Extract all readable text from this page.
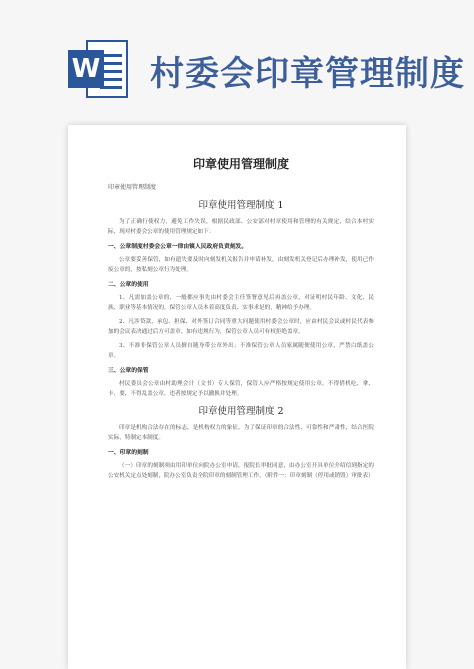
W 村委会印章管理制度
印章使用管理制度
印章使用管理制度
印章使用管理制度 1

为了正确行使权力，避免工作失误，根据民政部、公安部对村章使用和管理的有关规定，结合本村实际，现对村委会公章的使用管理规定如下：

一、公章制度村委会公章一律由镇人民政府负责刻发。

公章要妥善保管，如有遗失要及时向刻发机关报告并申请补发，由刻发机关登记后办理补发，使用已作废公章的，按私刻公章行为处理。

二、公章的使用

1、凡需加盖公章的，一般都应事先由村委会主任签署意见后再盖公章，对证明村民年龄、文化、民族、职业等基本情况的，保管公章人员本着高度负责、实事求是的，精神给予办理。

2、凡涉贷款、承包、担保、对外签订合同等重大问题使用村委会公章时，应由村民会议或村民代表参加的会议表决通过后方可盖章。如有违规行为，保管公章人员可有权拒绝盖章。

3、不准非保管公章人员擅自随身带公章外出；不准保管公章人员家属随便使用公章，严禁白纸盖公章。

三、公章的保管

村民委员会公章由村助理会计（文书）专人保管，保管人应严格按规定使用公章，不得借机吃、拿、卡、要，不得乱盖公章，违者按规定予以撤换并处理。

印章使用管理制度 2

印章是机构合法存在的标志，是机构权力的象征。为了保证印章的合法性、可靠性和严肃性，结合医院实际，特制定本制度。

一、印章的刻制

（一）印章的刻制须由用印单位向院办公室申请，报院长审批同意，由办公室开具单位介绍信到指定的公安机关定点处刻制，院办公室负责全院印章的刻制管理工作。（附件一：印章刻制（停用或销毁）审批表）
